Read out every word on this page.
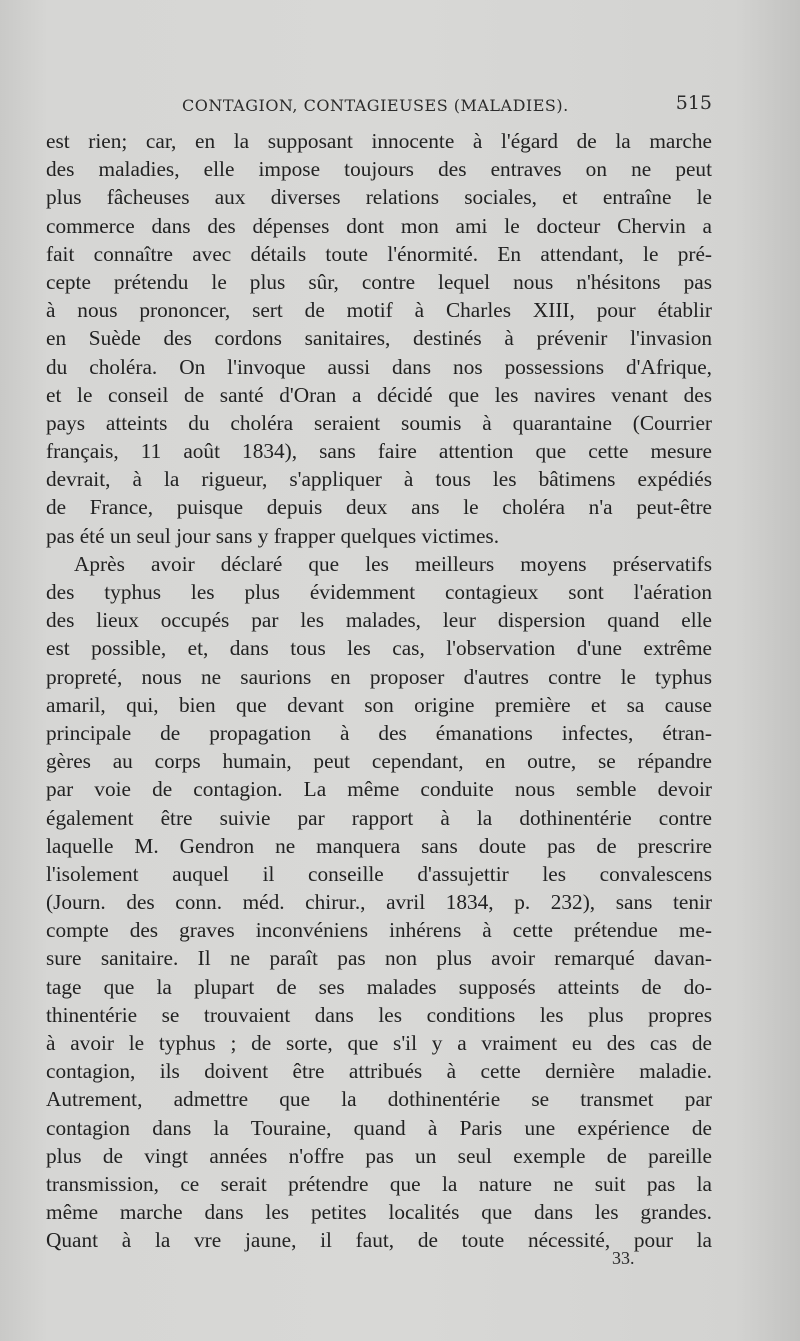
CONTAGION, CONTAGIEUSES (MALADIES).	515
est rien; car, en la supposant innocente à l'égard de la marche
des maladies, elle impose toujours des entraves on ne peut
plus fâcheuses aux diverses relations sociales, et entraîne le
commerce dans des dépenses dont mon ami le docteur Chervin a
fait connaître avec détails toute l'énormité. En attendant, le pré-
cepte prétendu le plus sûr, contre lequel nous n'hésitons pas
à nous prononcer, sert de motif à Charles XIII, pour établir
en Suède des cordons sanitaires, destinés à prévenir l'invasion
du choléra. On l'invoque aussi dans nos possessions d'Afrique,
et le conseil de santé d'Oran a décidé que les navires venant des
pays atteints du choléra seraient soumis à quarantaine (Courrier
français, 11 août 1834), sans faire attention que cette mesure
devrait, à la rigueur, s'appliquer à tous les bâtimens expédiés
de France, puisque depuis deux ans le choléra n'a peut-être
pas été un seul jour sans y frapper quelques victimes.
Après avoir déclaré que les meilleurs moyens préservatifs
des typhus les plus évidemment contagieux sont l'aération
des lieux occupés par les malades, leur dispersion quand elle
est possible, et, dans tous les cas, l'observation d'une extrême
propreté, nous ne saurions en proposer d'autres contre le typhus
amaril, qui, bien que devant son origine première et sa cause
principale de propagation à des émanations infectes, étran-
gères au corps humain, peut cependant, en outre, se répandre
par voie de contagion. La même conduite nous semble devoir
également être suivie par rapport à la dothinentérie contre
laquelle M. Gendron ne manquera sans doute pas de prescrire
l'isolement auquel il conseille d'assujettir les convalescens
(Journ. des conn. méd. chirur., avril 1834, p. 232), sans tenir
compte des graves inconvéniens inhérens à cette prétendue me-
sure sanitaire. Il ne paraît pas non plus avoir remarqué davan-
tage que la plupart de ses malades supposés atteints de do-
thinentérie se trouvaient dans les conditions les plus propres
à avoir le typhus ; de sorte, que s'il y a vraiment eu des cas de
contagion, ils doivent être attribués à cette dernière maladie.
Autrement, admettre que la dothinentérie se transmet par
contagion dans la Touraine, quand à Paris une expérience de
plus de vingt années n'offre pas un seul exemple de pareille
transmission, ce serait prétendre que la nature ne suit pas la
même marche dans les petites localités que dans les grandes.
Quant à la vre jaune, il faut, de toute nécessité, pour la
33.
